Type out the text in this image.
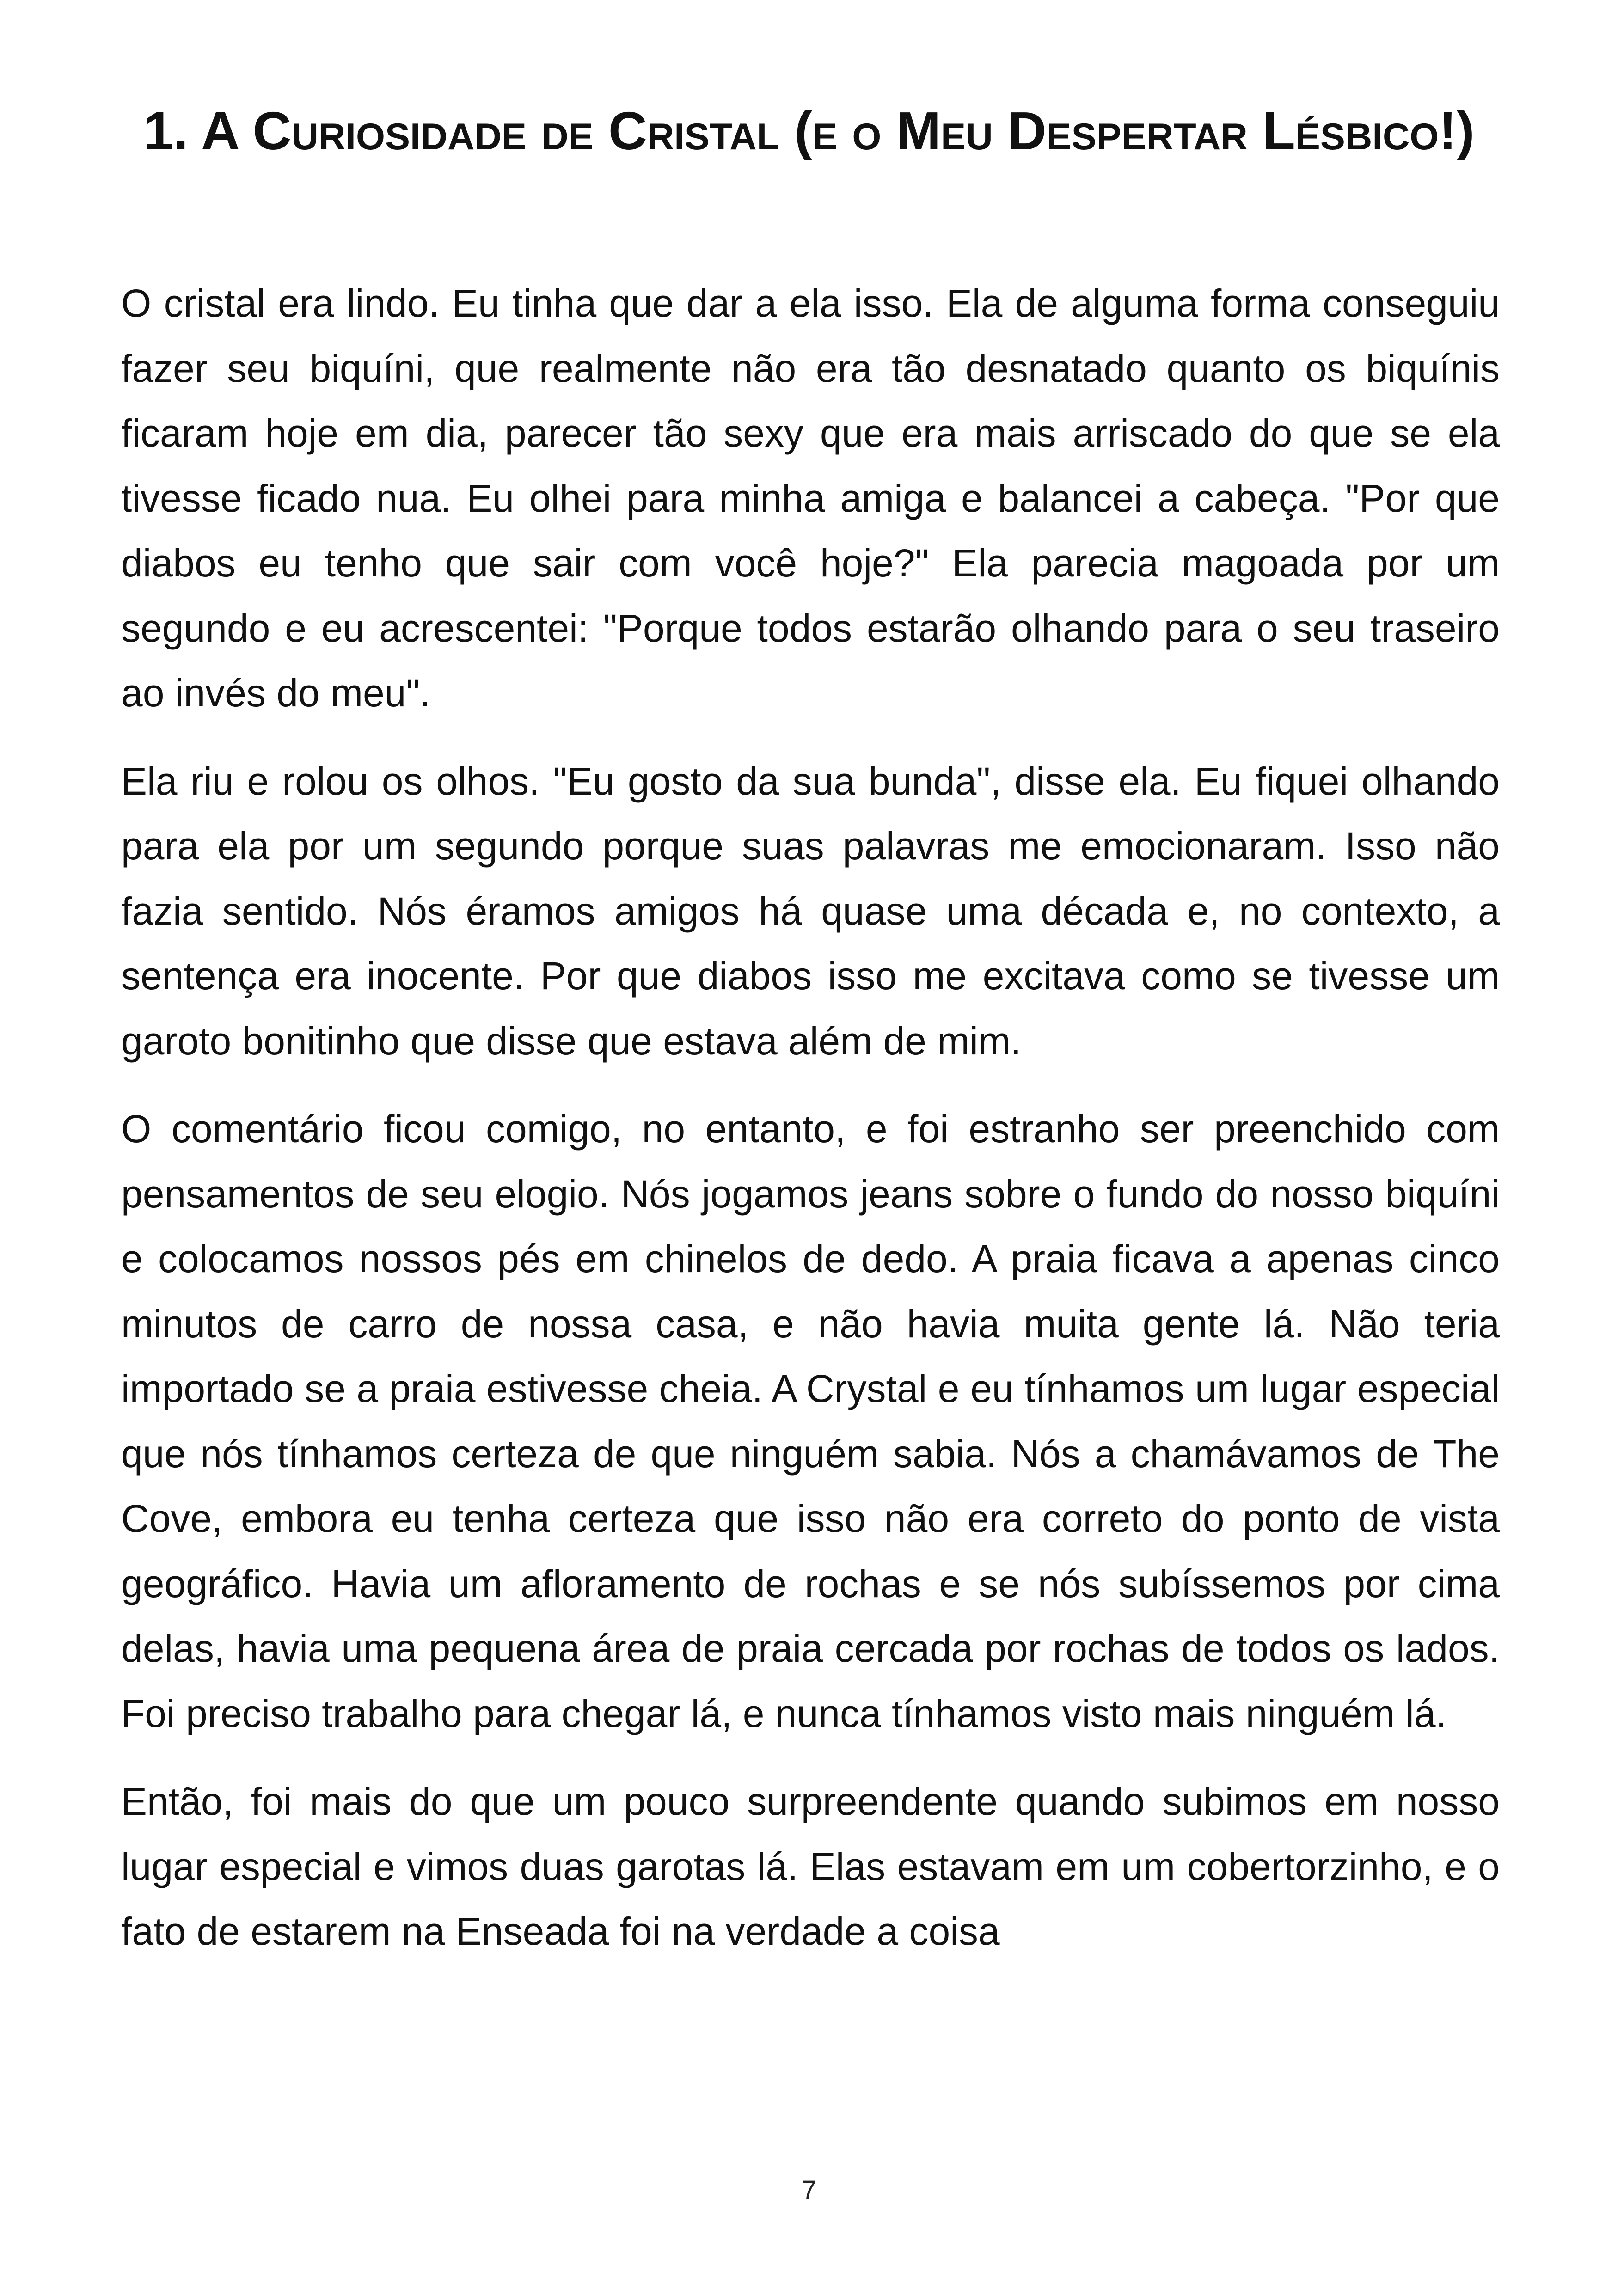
1. A Curiosidade de Cristal (e o Meu Despertar Lésbico!)

O cristal era lindo. Eu tinha que dar a ela isso. Ela de alguma forma conseguiu fazer seu biquíni, que realmente não era tão desnatado quanto os biquínis ficaram hoje em dia, parecer tão sexy que era mais arriscado do que se ela tivesse ficado nua. Eu olhei para minha amiga e balancei a cabeça. "Por que diabos eu tenho que sair com você hoje?" Ela parecia magoada por um segundo e eu acrescentei: "Porque todos estarão olhando para o seu traseiro ao invés do meu".

Ela riu e rolou os olhos. "Eu gosto da sua bunda", disse ela. Eu fiquei olhando para ela por um segundo porque suas palavras me emocionaram. Isso não fazia sentido. Nós éramos amigos há quase uma década e, no contexto, a sentença era inocente. Por que diabos isso me excitava como se tivesse um garoto bonitinho que disse que estava além de mim.

O comentário ficou comigo, no entanto, e foi estranho ser preenchido com pensamentos de seu elogio. Nós jogamos jeans sobre o fundo do nosso biquíni e colocamos nossos pés em chinelos de dedo. A praia ficava a apenas cinco minutos de carro de nossa casa, e não havia muita gente lá. Não teria importado se a praia estivesse cheia. A Crystal e eu tínhamos um lugar especial que nós tínhamos certeza de que ninguém sabia. Nós a chamávamos de The Cove, embora eu tenha certeza que isso não era correto do ponto de vista geográfico. Havia um afloramento de rochas e se nós subíssemos por cima delas, havia uma pequena área de praia cercada por rochas de todos os lados. Foi preciso trabalho para chegar lá, e nunca tínhamos visto mais ninguém lá.

Então, foi mais do que um pouco surpreendente quando subimos em nosso lugar especial e vimos duas garotas lá. Elas estavam em um cobertorzinho, e o fato de estarem na Enseada foi na verdade a coisa

7
